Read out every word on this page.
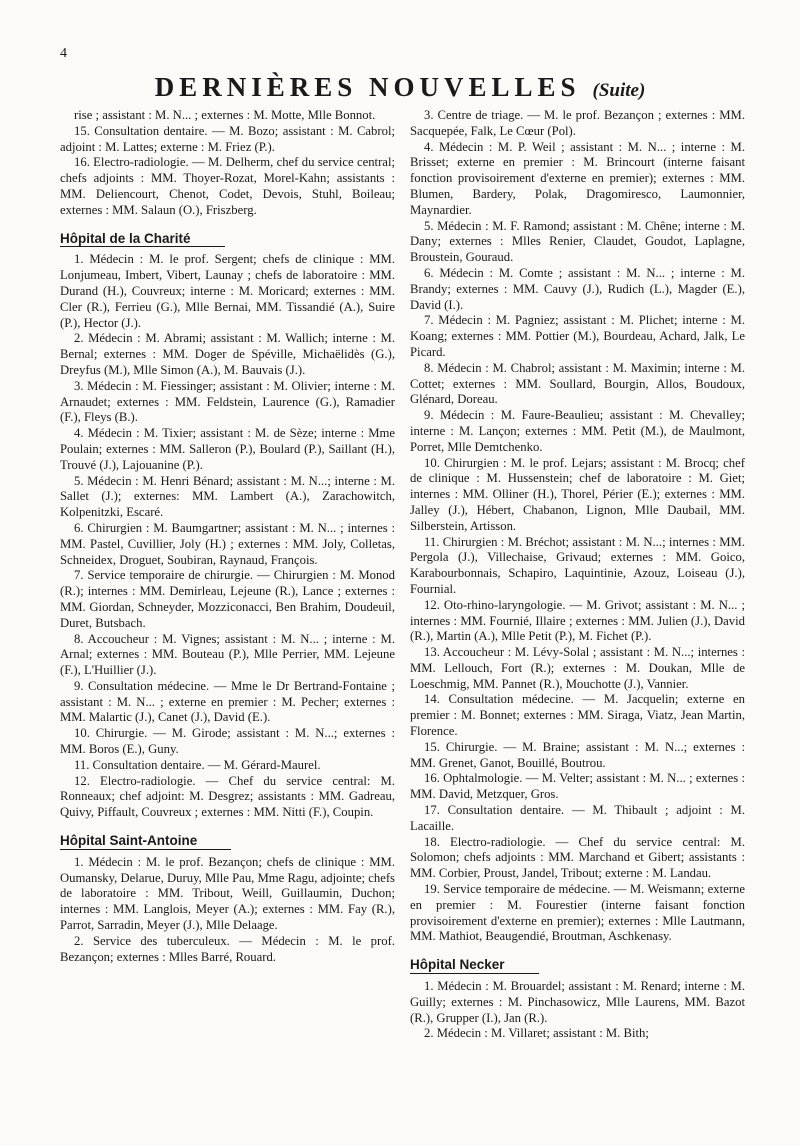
4
DERNIÈRES NOUVELLES (Suite)

rise ; assistant : M. N... ; externes : M. Motte, Mlle Bonnot.

15. Consultation dentaire. — M. Bozo; assistant : M. Cabrol; adjoint : M. Lattes; externe : M. Friez (P.).

16. Electro-radiologie. — M. Delherm, chef du service central; chefs adjoints : MM. Thoyer-Rozat, Morel-Kahn; assistants : MM. Deliencourt, Chenot, Codet, Devois, Stuhl, Boileau; externes : MM. Salaun (O.), Friszberg.

Hôpital de la Charité

1. Médecin : M. le prof. Sergent; chefs de clinique : MM. Lonjumeau, Imbert, Vibert, Launay ; chefs de laboratoire : MM. Durand (H.), Couvreux; interne : M. Moricard; externes : MM. Cler (R.), Ferrieu (G.), Mlle Bernai, MM. Tissandié (A.), Suire (P.), Hector (J.).

2. Médecin : M. Abrami; assistant : M. Wallich; interne : M. Bernal; externes : MM. Doger de Spéville, Michaëlidès (G.), Dreyfus (M.), Mlle Simon (A.), M. Bauvais (J.).

3. Médecin : M. Fiessinger; assistant : M. Olivier; interne : M. Arnaudet; externes : MM. Feldstein, Laurence (G.), Ramadier (F.), Fleys (B.).

4. Médecin : M. Tixier; assistant : M. de Sèze; interne : Mme Poulain; externes : MM. Salleron (P.), Boulard (P.), Saillant (H.), Trouvé (J.), Lajouanine (P.).

5. Médecin : M. Henri Bénard; assistant : M. N...; interne : M. Sallet (J.); externes: MM. Lambert (A.), Zarachowitch, Kolpenitzki, Escaré.

6. Chirurgien : M. Baumgartner; assistant : M. N... ; internes : MM. Pastel, Cuvillier, Joly (H.) ; externes : MM. Joly, Colletas, Schneidex, Droguet, Soubiran, Raynaud, François.

7. Service temporaire de chirurgie. — Chirurgien : M. Monod (R.); internes : MM. Demirleau, Lejeune (R.), Lance ; externes : MM. Giordan, Schneyder, Mozziconacci, Ben Brahim, Doudeuil, Duret, Butsbach.

8. Accoucheur : M. Vignes; assistant : M. N... ; interne : M. Arnal; externes : MM. Bouteau (P.), Mlle Perrier, MM. Lejeune (F.), L'Huillier (J.).

9. Consultation médecine. — Mme le Dr Bertrand-Fontaine ; assistant : M. N... ; externe en premier : M. Pecher; externes : MM. Malartic (J.), Canet (J.), David (E.).

10. Chirurgie. — M. Girode; assistant : M. N...; externes : MM. Boros (E.), Guny.

11. Consultation dentaire. — M. Gérard-Maurel.

12. Electro-radiologie. — Chef du service central: M. Ronneaux; chef adjoint: M. Desgrez; assistants : MM. Gadreau, Quivy, Piffault, Couvreux ; externes : MM. Nitti (F.), Coupin.

Hôpital Saint-Antoine

1. Médecin : M. le prof. Bezançon; chefs de clinique : MM. Oumansky, Delarue, Duruy, Mlle Pau, Mme Ragu, adjointe; chefs de laboratoire : MM. Tribout, Weill, Guillaumin, Duchon; internes : MM. Langlois, Meyer (A.); externes : MM. Fay (R.), Parrot, Sarradin, Meyer (J.), Mlle Delaage.

2. Service des tuberculeux. — Médecin : M. le prof. Bezançon; externes : Mlles Barré, Rouard.

3. Centre de triage. — M. le prof. Bezançon ; externes : MM. Sacquepée, Falk, Le Cœur (Pol).

4. Médecin : M. P. Weil ; assistant : M. N... ; interne : M. Brisset; externe en premier : M. Brincourt (interne faisant fonction provisoirement d'externe en premier); externes : MM. Blumen, Bardery, Polak, Dragomiresco, Laumonnier, Maynardier.

5. Médecin : M. F. Ramond; assistant : M. Chêne; interne : M. Dany; externes : Mlles Renier, Claudet, Goudot, Laplagne, Broustein, Gouraud.

6. Médecin : M. Comte ; assistant : M. N... ; interne : M. Brandy; externes : MM. Cauvy (J.), Rudich (L.), Magder (E.), David (I.).

7. Médecin : M. Pagniez; assistant : M. Plichet; interne : M. Koang; externes : MM. Pottier (M.), Bourdeau, Achard, Jalk, Le Picard.

8. Médecin : M. Chabrol; assistant : M. Maximin; interne : M. Cottet; externes : MM. Soullard, Bourgin, Allos, Boudoux, Glénard, Doreau.

9. Médecin : M. Faure-Beaulieu; assistant : M. Chevalley; interne : M. Lançon; externes : MM. Petit (M.), de Maulmont, Porret, Mlle Demtchenko.

10. Chirurgien : M. le prof. Lejars; assistant : M. Brocq; chef de clinique : M. Hussenstein; chef de laboratoire : M. Giet; internes : MM. Olliner (H.), Thorel, Périer (E.); externes : MM. Jalley (J.), Hébert, Chabanon, Lignon, Mlle Daubail, MM. Silberstein, Artisson.

11. Chirurgien : M. Bréchot; assistant : M. N...; internes : MM. Pergola (J.), Villechaise, Grivaud; externes : MM. Goico, Karabourbonnais, Schapiro, Laquintinie, Azouz, Loiseau (J.), Fournial.

12. Oto-rhino-laryngologie. — M. Grivot; assistant : M. N... ; internes : MM. Fournié, Illaire ; externes : MM. Julien (J.), David (R.), Martin (A.), Mlle Petit (P.), M. Fichet (P.).

13. Accoucheur : M. Lévy-Solal ; assistant : M. N...; internes : MM. Lellouch, Fort (R.); externes : M. Doukan, Mlle de Loeschmig, MM. Pannet (R.), Mouchotte (J.), Vannier.

14. Consultation médecine. — M. Jacquelin; externe en premier : M. Bonnet; externes : MM. Siraga, Viatz, Jean Martin, Florence.

15. Chirurgie. — M. Braine; assistant : M. N...; externes : MM. Grenet, Ganot, Bouillé, Boutrou.

16. Ophtalmologie. — M. Velter; assistant : M. N... ; externes : MM. David, Metzquer, Gros.

17. Consultation dentaire. — M. Thibault ; adjoint : M. Lacaille.

18. Electro-radiologie. — Chef du service central: M. Solomon; chefs adjoints : MM. Marchand et Gibert; assistants : MM. Corbier, Proust, Jandel, Tribout; externe : M. Landau.

19. Service temporaire de médecine. — M. Weismann; externe en premier : M. Fourestier (interne faisant fonction provisoirement d'externe en premier); externes : Mlle Lautmann, MM. Mathiot, Beaugendié, Broutman, Aschkenasy.

Hôpital Necker

1. Médecin : M. Brouardel; assistant : M. Renard; interne : M. Guilly; externes : M. Pinchasowicz, Mlle Laurens, MM. Bazot (R.), Grupper (I.), Jan (R.).

2. Médecin : M. Villaret; assistant : M. Bith;
